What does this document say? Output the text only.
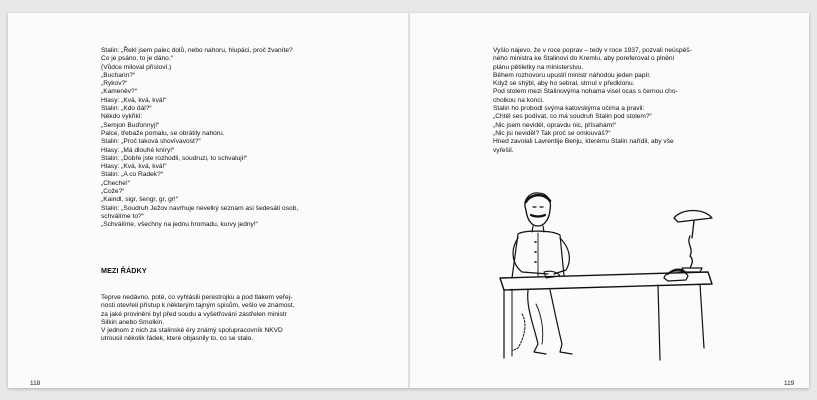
Stalin: „Řekl jsem palec dolů, nebo nahoru, hlupáci, proč žvaníte?
Co je psáno, to je dáno.“
(Vůdce miloval přísloví.)
„Bucharin?“
„Rykov?“
„Kameněv?“
Hlasy: „Kvá, kvá, kvá!“
Stalin: „Kdo dál?“
Někdo vykřikl:
„Semjon Buďonnyj!“
Palce, třebaže pomalu, se obrátily nahoru.
Stalin: „Proč taková shovívavost?“
Hlasy: „Má dlouhé kníry!“
Stalin: „Dobře jste rozhodli, soudruzi, to schvaluji!“
Hlasy: „Kvá, kvá, kvá!“
Stalin: „A co Radek?“
„Cheche!“
„Cože?“
„Kaindl, sigr, šengr, gr, gr!“
Stalin: „Soudruh Ježov navrhuje nevelký seznam asi šedesáti osob,
schválíme to?“
„Schválíme, všechny na jednu hromadu, kurvy jedny!“
MEZI ŘÁDKY
Teprve nedávno, poté, co vyhlásili perestrojku a pod tlakem veřej-
nosti otevřeli přístup k některým tajným spisům, vešlo ve známost,
za jaké provinění byl před soudu a vyšetřování zastřelen ministr
Silkin anebo Smolkin.
V jednom z nich za stalinské éry známý spolupracovník NKVD
utrousil několik řádek, které objasnily to, co se stalo.
118
Vyšlo najevo, že v roce poprav – tedy v roce 1937, pozvali neúspěš-
ného ministra ke Stalinovi do Kremlu, aby poreferoval o plnění
plánu pětiletky na ministerstvu.
Během rozhovoru upustil ministr náhodou jeden papír.
Když se shýbl, aby ho sebral, strnul v předklonu.
Pod stolem mezi Stalinovýma nohama visel ocas s černou cho-
cholkou na konci.
Stalin ho probodl svýma katovskýma očima a pravil:
„Chtěl ses podívat, co má soudruh Stalin pod stolem?“
„Nic jsem neviděl, opravdu nic, přísahám!“
„Nic jsi neviděl? Tak proč se omlouváš?“
Hned zavolali Lavrentije Beriju, kterému Stalin nařídil, aby vše
vyřešil.
119
